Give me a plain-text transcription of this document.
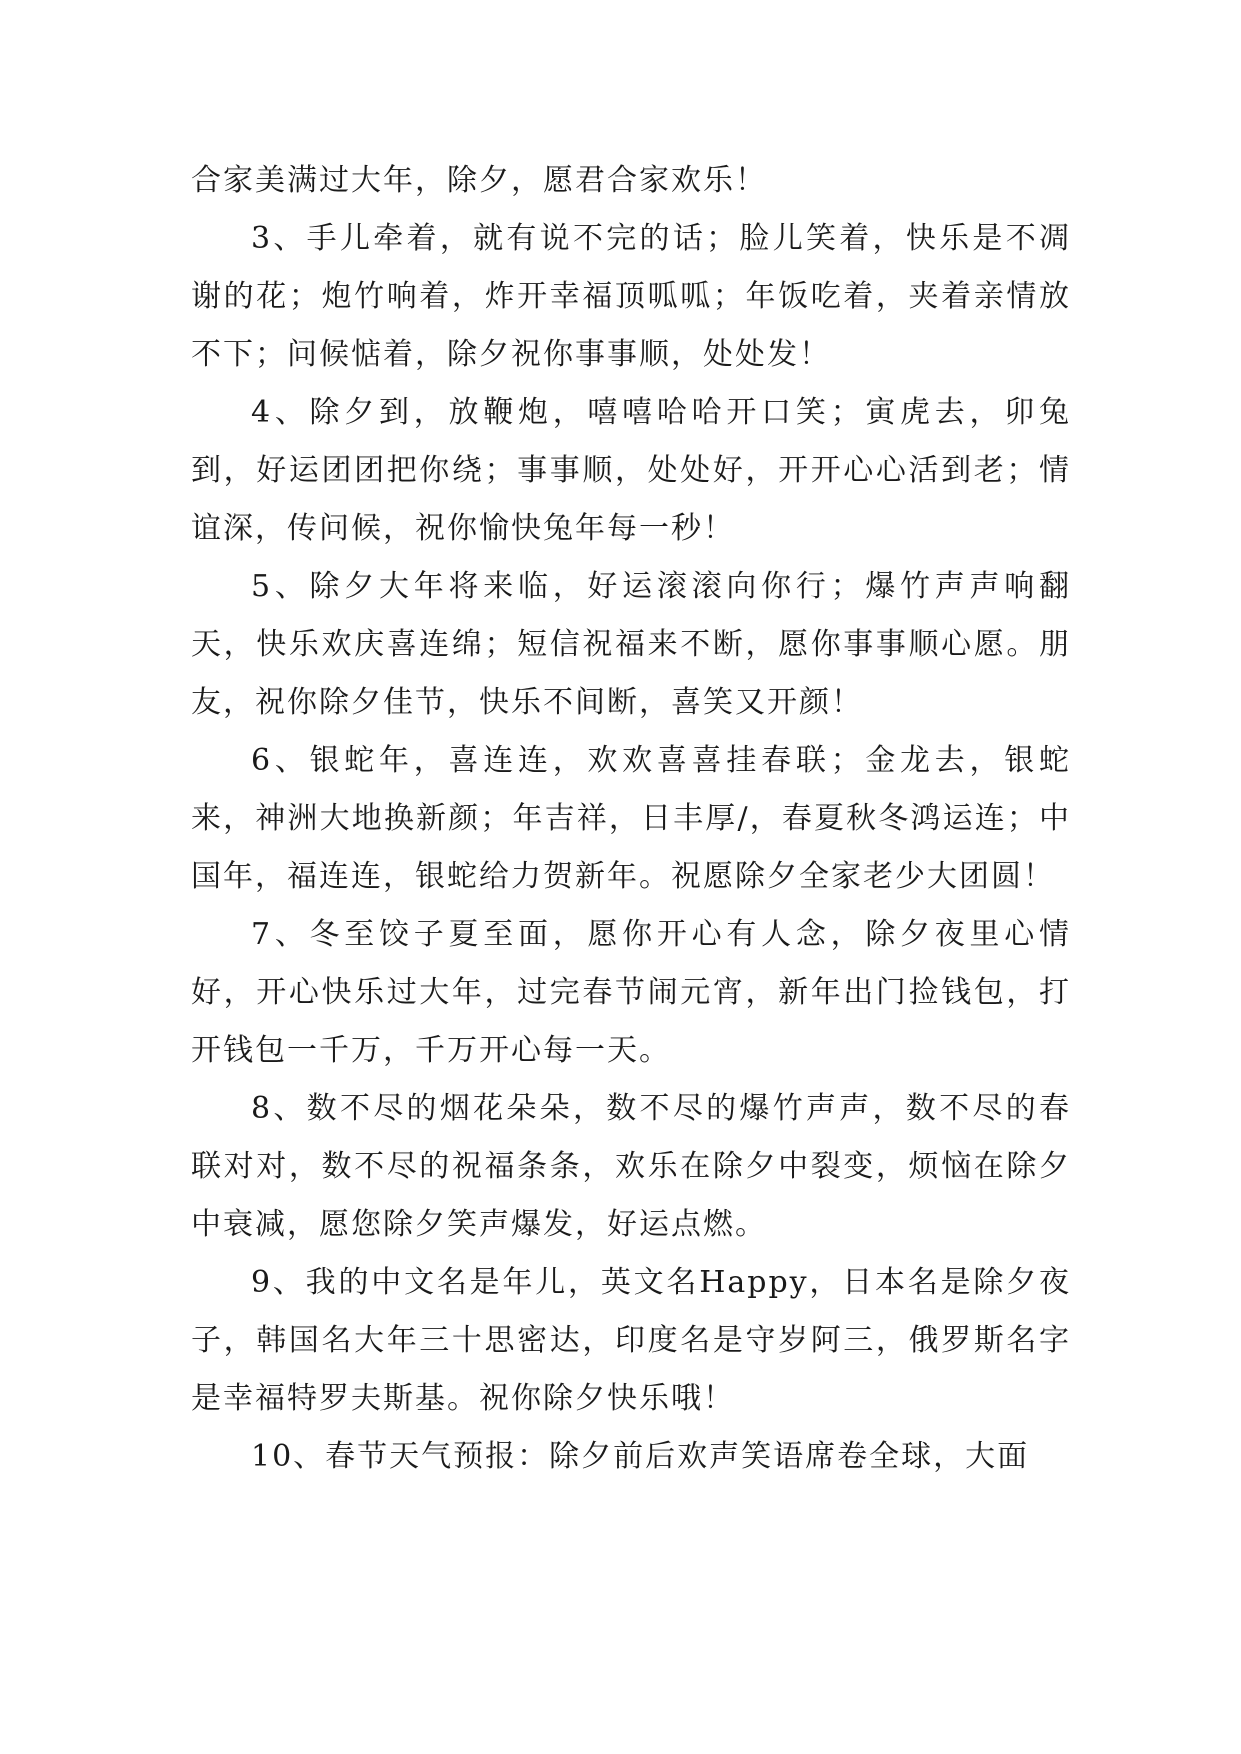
合家美满过大年，除夕，愿君合家欢乐！

3、手儿牵着，就有说不完的话；脸儿笑着，快乐是不凋谢的花；炮竹响着，炸开幸福顶呱呱；年饭吃着，夹着亲情放不下；问候惦着，除夕祝你事事顺，处处发！

4、除夕到，放鞭炮，嘻嘻哈哈开口笑；寅虎去，卯兔到，好运团团把你绕；事事顺，处处好，开开心心活到老；情谊深，传问候，祝你愉快兔年每一秒！

5、除夕大年将来临，好运滚滚向你行；爆竹声声响翻天，快乐欢庆喜连绵；短信祝福来不断，愿你事事顺心愿。朋友，祝你除夕佳节，快乐不间断，喜笑又开颜！

6、银蛇年，喜连连，欢欢喜喜挂春联；金龙去，银蛇来，神洲大地换新颜；年吉祥，日丰厚/，春夏秋冬鸿运连；中国年，福连连，银蛇给力贺新年。祝愿除夕全家老少大团圆！

7、冬至饺子夏至面，愿你开心有人念，除夕夜里心情好，开心快乐过大年，过完春节闹元宵，新年出门捡钱包，打开钱包一千万，千万开心每一天。

8、数不尽的烟花朵朵，数不尽的爆竹声声，数不尽的春联对对，数不尽的祝福条条，欢乐在除夕中裂变，烦恼在除夕中衰减，愿您除夕笑声爆发，好运点燃。

9、我的中文名是年儿，英文名Happy，日本名是除夕夜子，韩国名大年三十思密达，印度名是守岁阿三，俄罗斯名字是幸福特罗夫斯基。祝你除夕快乐哦！

10、春节天气预报：除夕前后欢声笑语席卷全球，大面
